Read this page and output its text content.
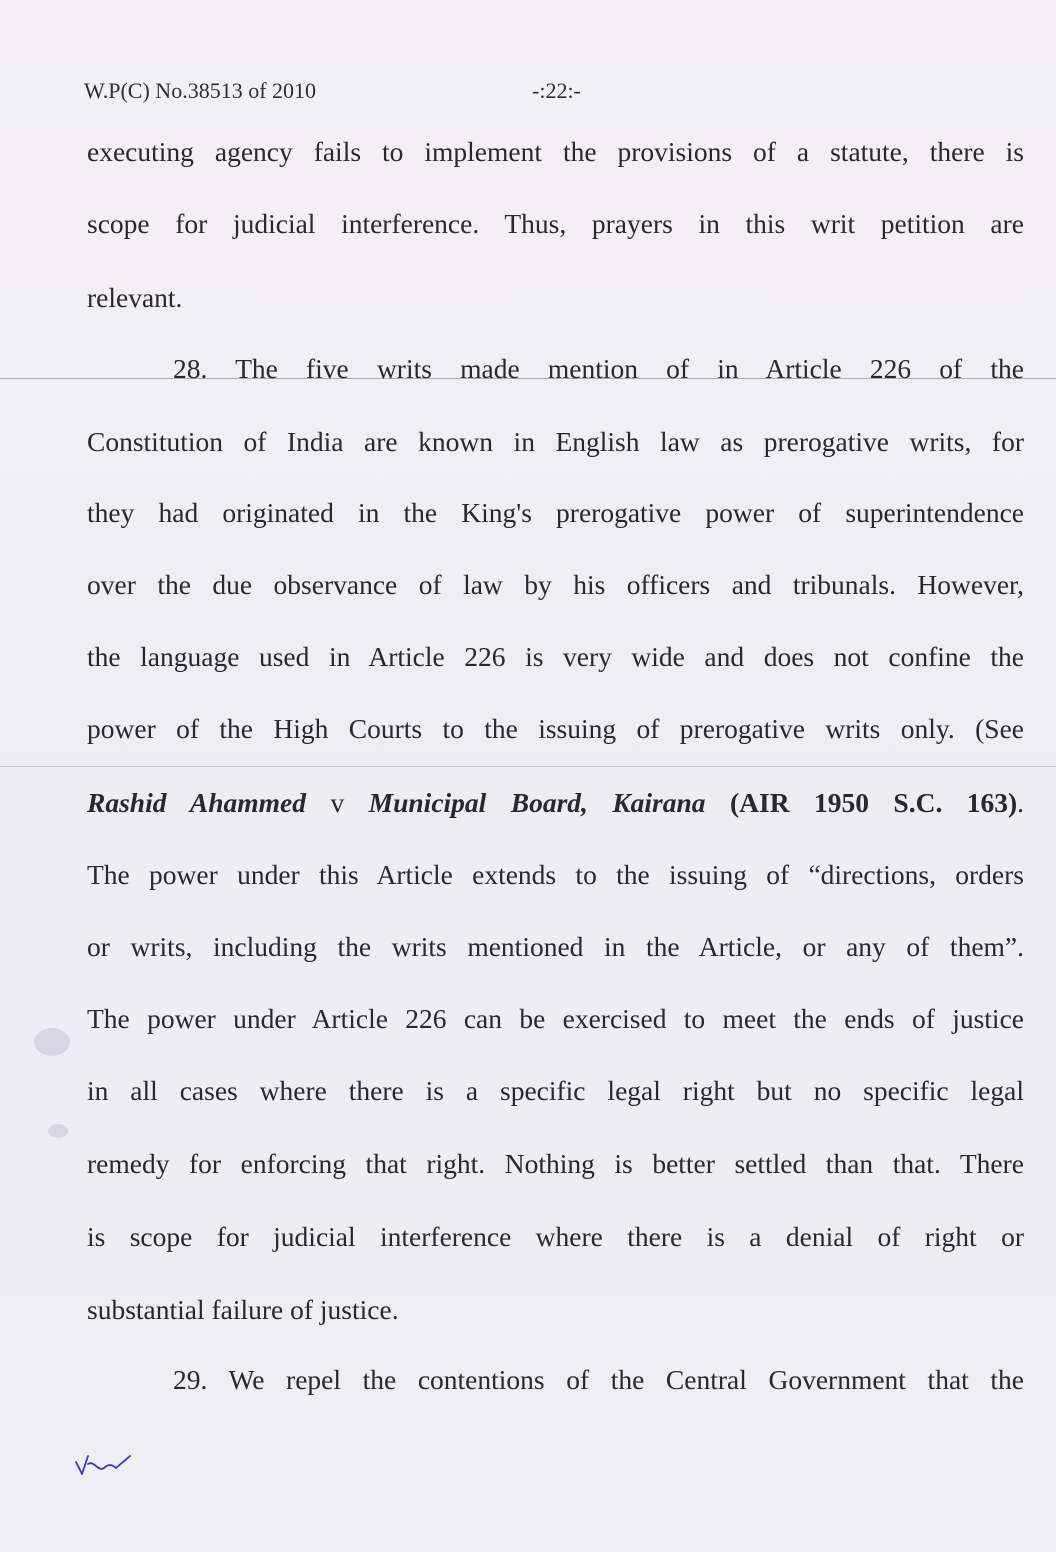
W.P(C) No.38513 of 2010	-:22:-
executing agency fails to implement the provisions of a statute, there is
scope for judicial interference. Thus, prayers in this writ petition are
relevant.
28. The five writs made mention of in Article 226 of the
Constitution of India are known in English law as prerogative writs, for
they had originated in the King's prerogative power of superintendence
over the due observance of law by his officers and tribunals. However,
the language used in Article 226 is very wide and does not confine the
power of the High Courts to the issuing of prerogative writs only. (See
Rashid Ahammed v Municipal Board, Kairana (AIR 1950 S.C. 163).
The power under this Article extends to the issuing of “directions, orders
or writs, including the writs mentioned in the Article, or any of them”.
The power under Article 226 can be exercised to meet the ends of justice
in all cases where there is a specific legal right but no specific legal
remedy for enforcing that right. Nothing is better settled than that. There
is scope for judicial interference where there is a denial of right or
substantial failure of justice.
29. We repel the contentions of the Central Government that the
